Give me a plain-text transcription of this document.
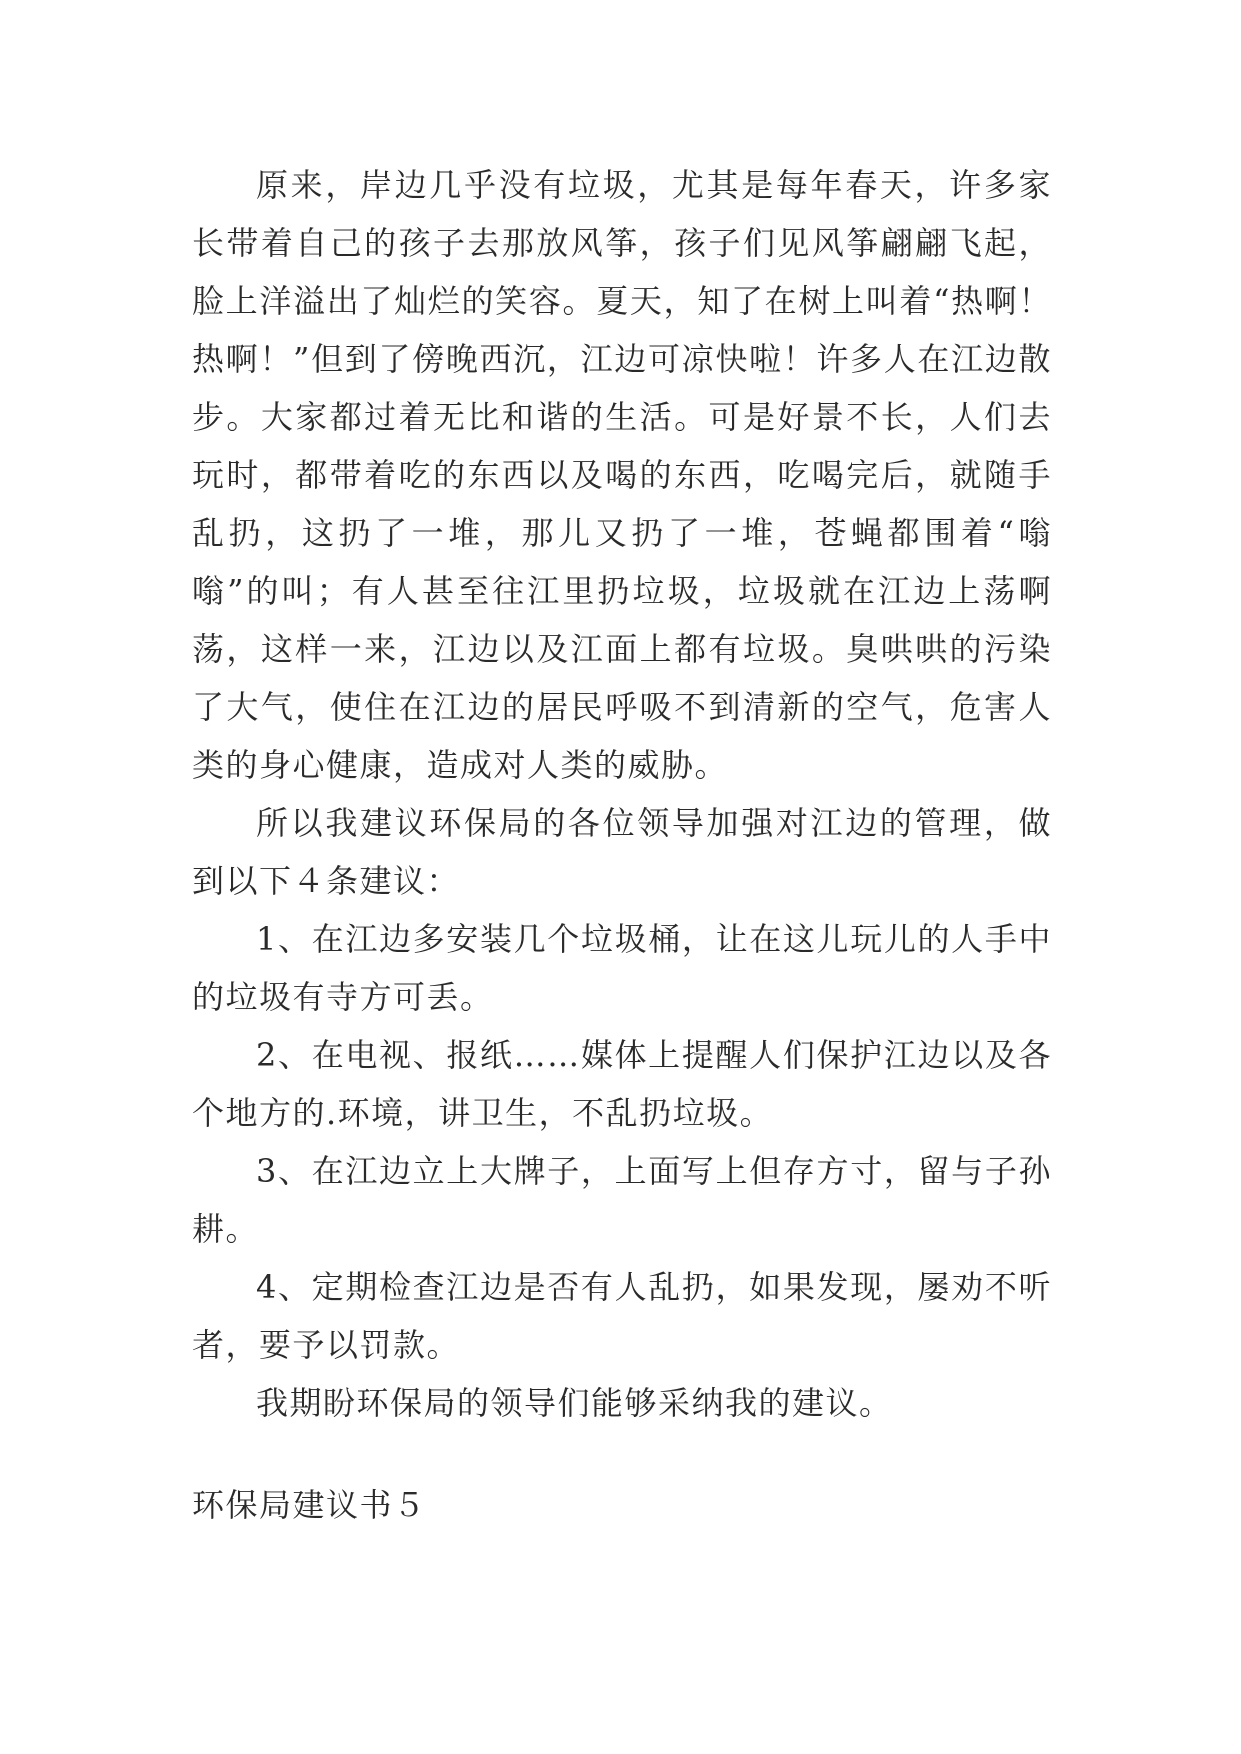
原来，岸边几乎没有垃圾，尤其是每年春天，许多家长带着自己的孩子去那放风筝，孩子们见风筝翩翩飞起，脸上洋溢出了灿烂的笑容。夏天，知了在树上叫着“热啊！热啊！”但到了傍晚西沉，江边可凉快啦！许多人在江边散步。大家都过着无比和谐的生活。可是好景不长，人们去玩时，都带着吃的东西以及喝的东西，吃喝完后，就随手乱扔，这扔了一堆，那儿又扔了一堆，苍蝇都围着“嗡嗡”的叫；有人甚至往江里扔垃圾，垃圾就在江边上荡啊荡，这样一来，江边以及江面上都有垃圾。臭哄哄的污染了大气，使住在江边的居民呼吸不到清新的空气，危害人类的身心健康，造成对人类的威胁。

所以我建议环保局的各位领导加强对江边的管理，做到以下４条建议：

1、在江边多安装几个垃圾桶，让在这儿玩儿的人手中的垃圾有寺方可丢。

2、在电视、报纸……媒体上提醒人们保护江边以及各个地方的.环境，讲卫生，不乱扔垃圾。

3、在江边立上大牌子，上面写上但存方寸，留与子孙耕。

4、定期检查江边是否有人乱扔，如果发现，屡劝不听者，要予以罚款。

我期盼环保局的领导们能够采纳我的建议。

环保局建议书５
